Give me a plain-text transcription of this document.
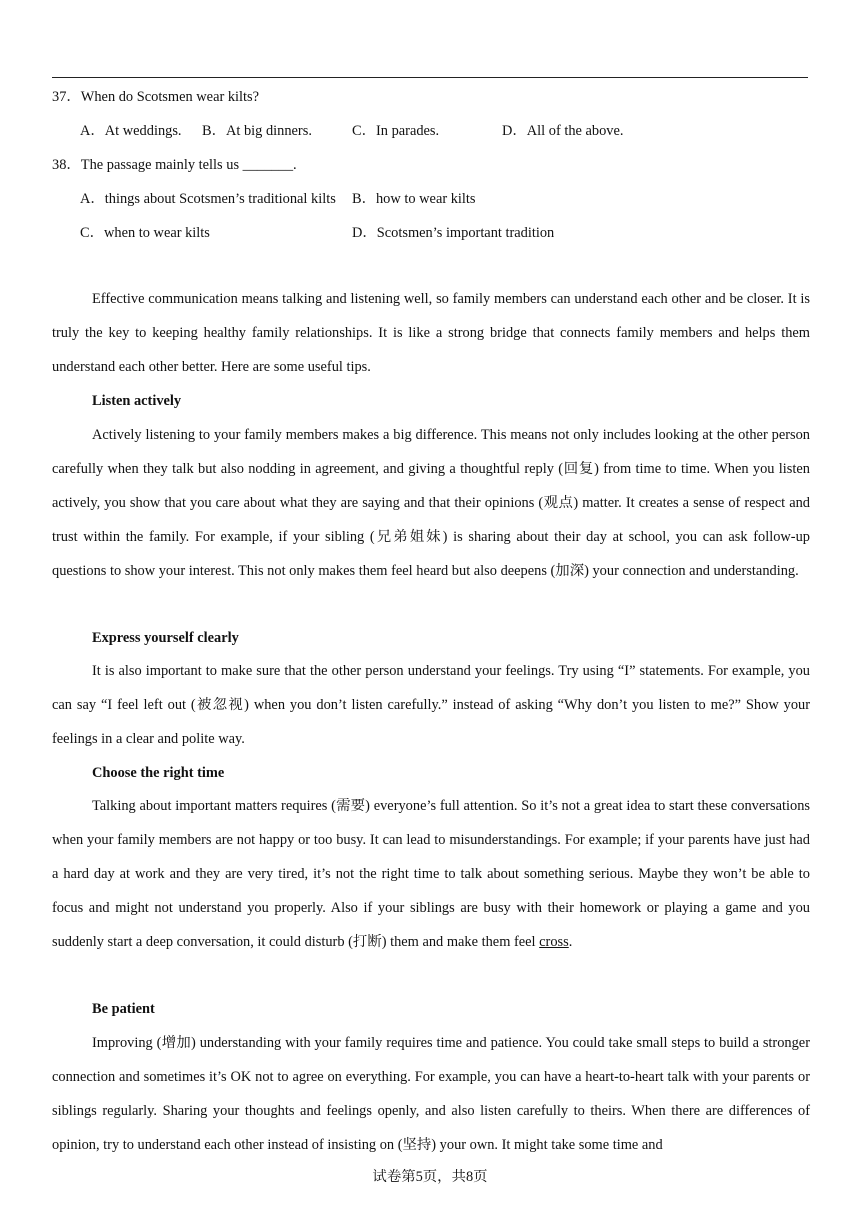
37．When do Scotsmen wear kilts?
A．At weddings. B．At big dinners.	C．In parades.	D．All of the above.
38．The passage mainly tells us _______.
A．things about Scotsmen’s traditional kilts B．how to wear kilts
C．when to wear kilts	D．Scotsmen’s important tradition

Effective communication means talking and listening well, so family members can understand each other and be closer. It is truly the key to keeping healthy family relationships. It is like a strong bridge that connects family members and helps them understand each other better. Here are some useful tips.

Listen actively

Actively listening to your family members makes a big difference. This means not only includes looking at the other person carefully when they talk but also nodding in agreement, and giving a thoughtful reply (回复) from time to time. When you listen actively, you show that you care about what they are saying and that their opinions (观点) matter. It creates a sense of respect and trust within the family. For example, if your sibling (兄弟姐妹) is sharing about their day at school, you can ask follow-up questions to show your interest. This not only makes them feel heard but also deepens (加深) your connection and understanding.

Express yourself clearly

It is also important to make sure that the other person understand your feelings. Try using “I” statements. For example, you can say “I feel left out (被忽视) when you don’t listen carefully.” instead of asking “Why don’t you listen to me?” Show your feelings in a clear and polite way.

Choose the right time

Talking about important matters requires (需要) everyone’s full attention. So it’s not a great idea to start these conversations when your family members are not happy or too busy. It can lead to misunderstandings. For example; if your parents have just had a hard day at work and they are very tired, it’s not the right time to talk about something serious. Maybe they won’t be able to focus and might not understand you properly. Also if your siblings are busy with their homework or playing a game and you suddenly start a deep conversation, it could disturb (打断) them and make them feel cross.

Be patient

Improving (增加) understanding with your family requires time and patience. You could take small steps to build a stronger connection and sometimes it’s OK not to agree on everything. For example, you can have a heart-to-heart talk with your parents or siblings regularly. Sharing your thoughts and feelings openly, and also listen carefully to theirs. When there are differences of opinion, try to understand each other instead of insisting on (坚持) your own. It might take some time and

试卷第5页，共8页
